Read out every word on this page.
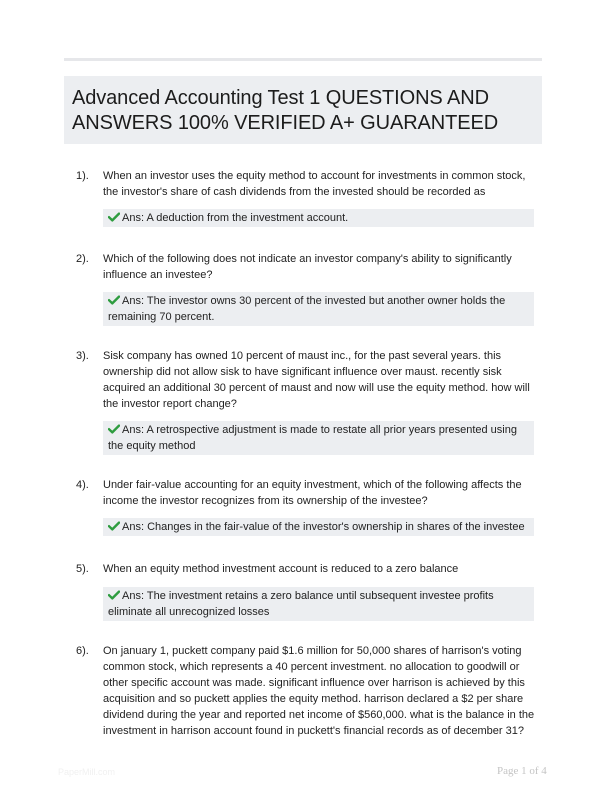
Advanced Accounting Test 1 QUESTIONS AND ANSWERS 100% VERIFIED A+ GUARANTEED
1). When an investor uses the equity method to account for investments in common stock, the investor's share of cash dividends from the invested should be recorded as

Ans: A deduction from the investment account.
2). Which of the following does not indicate an investor company's ability to significantly influence an investee?

Ans: The investor owns 30 percent of the invested but another owner holds the remaining 70 percent.
3). Sisk company has owned 10 percent of maust inc., for the past several years. this ownership did not allow sisk to have significant influence over maust. recently sisk acquired an additional 30 percent of maust and now will use the equity method. how will the investor report change?

Ans: A retrospective adjustment is made to restate all prior years presented using the equity method
4). Under fair-value accounting for an equity investment, which of the following affects the income the investor recognizes from its ownership of the investee?

Ans: Changes in the fair-value of the investor's ownership in shares of the investee
5). When an equity method investment account is reduced to a zero balance

Ans: The investment retains a zero balance until subsequent investee profits eliminate all unrecognized losses
6). On january 1, puckett company paid $1.6 million for 50,000 shares of harrison's voting common stock, which represents a 40 percent investment. no allocation to goodwill or other specific account was made. significant influence over harrison is achieved by this acquisition and so puckett applies the equity method. harrison declared a $2 per share dividend during the year and reported net income of $560,000. what is the balance in the investment in harrison account found in puckett's financial records as of december 31?

PaperMill.com	Page 1 of 4
